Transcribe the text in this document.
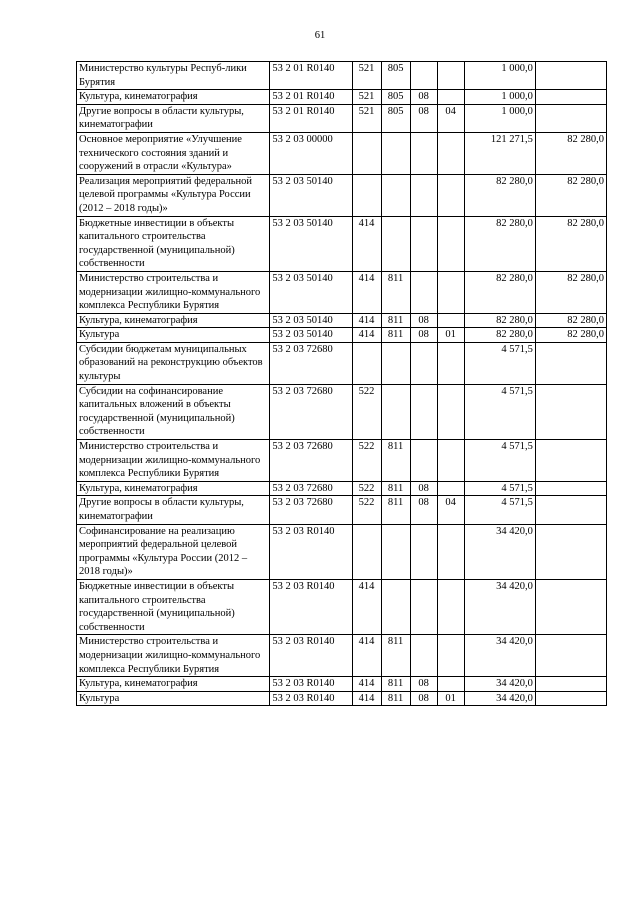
61
Министерство культуры Респуб-лики Бурятия	53 2 01 R0140	521	805			1 000,0	
Культура, кинематография	53 2 01 R0140	521	805	08		1 000,0	
Другие вопросы в области культуры, кинематографии	53 2 01 R0140	521	805	08	04	1 000,0	
Основное мероприятие «Улучшение технического состояния зданий и сооружений в отрасли «Культура»	53 2 03 00000					121 271,5	82 280,0
Реализация мероприятий федеральной целевой программы «Культура России (2012 – 2018 годы)»	53 2 03 50140					82 280,0	82 280,0
Бюджетные инвестиции в объекты капитального строительства государственной (муниципальной) собственности	53 2 03 50140	414				82 280,0	82 280,0
Министерство строительства и модернизации жилищно-коммунального комплекса Республики Бурятия	53 2 03 50140	414	811			82 280,0	82 280,0
Культура, кинематография	53 2 03 50140	414	811	08		82 280,0	82 280,0
Культура	53 2 03 50140	414	811	08	01	82 280,0	82 280,0
Субсидии бюджетам муниципальных образований на реконструкцию объектов культуры	53 2 03 72680					4 571,5	
Субсидии на софинансирование капитальных вложений в объекты государственной (муниципальной) собственности	53 2 03 72680	522				4 571,5	
Министерство строительства и модернизации жилищно-коммунального комплекса Республики Бурятия	53 2 03 72680	522	811			4 571,5	
Культура, кинематография	53 2 03 72680	522	811	08		4 571,5	
Другие вопросы в области культуры, кинематографии	53 2 03 72680	522	811	08	04	4 571,5	
Софинансирование на реализацию мероприятий федеральной целевой программы «Культура России (2012 – 2018 годы)»	53 2 03 R0140					34 420,0	
Бюджетные инвестиции в объекты капитального строительства государственной (муниципальной) собственности	53 2 03 R0140	414				34 420,0	
Министерство строительства и модернизации жилищно-коммунального комплекса Республики Бурятия	53 2 03 R0140	414	811			34 420,0	
Культура, кинематография	53 2 03 R0140	414	811	08		34 420,0	
Культура	53 2 03 R0140	414	811	08	01	34 420,0	
